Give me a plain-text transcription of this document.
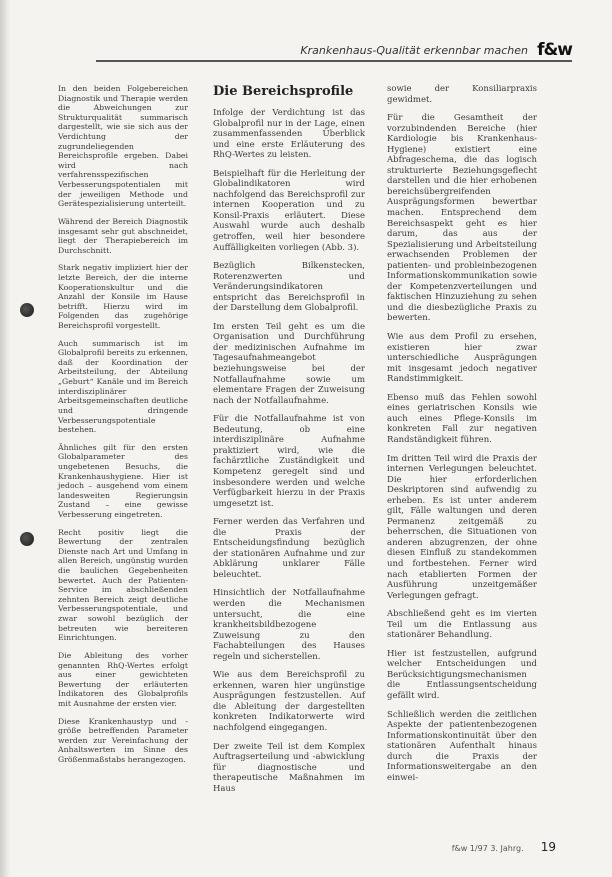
Krankenhaus-Qualität erkennbar machen f&w

In den beiden Folgebereichen Diagnostik und Therapie werden die Abweichungen zur Strukturqualität summarisch dargestellt, wie sie sich aus der Verdichtung der zugrundeliegenden Bereichsprofile ergeben. Dabei wird nach verfahrensspezifischen Verbesserungspotentialen mit der jeweiligen Methode und Gerätespezialisierung unterteilt.

Während der Bereich Diagnostik insgesamt sehr gut abschneidet, liegt der Therapiebereich im Durchschnitt.

Stark negativ impliziert hier der letzte Bereich, der die interne Kooperationskultur und die Anzahl der Konsile im Hause betrifft. Hierzu wird im Folgenden das zugehörige Bereichsprofil vorgestellt.

Auch summarisch ist im Globalprofil bereits zu erkennen, daß der Koordination der Arbeitsteilung, der Abteilung „Geburt“ Kanäle und im Bereich interdisziplinärer Arbeitsgemeinschaften deutliche und dringende Verbesserungspotentiale bestehen.

Ähnliches gilt für den ersten Globalparameter des ungebetenen Besuchs, die Krankenhaushygiene. Hier ist jedoch – ausgehend vom einem landesweiten Regierungsin Zustand – eine gewisse Verbesserung eingetreten.

Recht positiv liegt die Bewertung der zentralen Dienste nach Art und Umfang in allen Bereich, ungünstig wurden die baulichen Gegebenheiten bewertet. Auch der Patienten-Service im abschließenden zehnten Bereich zeigt deutliche Verbesserungspotentiale, und zwar sowohl bezüglich der betreuten wie bereiteren Einrichtungen.

Die Ableitung des vorher genannten RhQ-Wertes erfolgt aus einer gewichteten Bewertung der erläuterten Indikatoren des Globalprofils mit Ausnahme der ersten vier.

Diese Krankenhaustyp und -größe betreffenden Parameter werden zur Vereinfachung der Anhaltswerten im Sinne des Größenmaßstabs herangezogen.

Die Bereichsprofile

Infolge der Verdichtung ist das Globalprofil nur in der Lage, einen zusammenfassenden Überblick und eine erste Erläuterung des RhQ-Wertes zu leisten.

Beispielhaft für die Herleitung der Globalindikatoren wird nachfolgend das Bereichsprofil zur internen Kooperation und zu Konsil-Praxis erläutert. Diese Auswahl wurde auch deshalb getroffen, weil hier besondere Auffälligkeiten vorliegen (Abb. 3).

Bezüglich Bilkenstecken, Roterenzwerten und Veränderungsindikatoren entspricht das Bereichsprofil in der Darstellung dem Globalprofil.

Im ersten Teil geht es um die Organisation und Durchführung der medizinischen Aufnahme im Tagesaufnahmeangebot beziehungsweise bei der Notfallaufnahme sowie um elementare Fragen der Zuweisung nach der Notfallaufnahme.

Für die Notfallaufnahme ist von Bedeutung, ob eine interdisziplinäre Aufnahme praktiziert wird, wie die fachärztliche Zuständigkeit und Kompetenz geregelt sind und insbesondere werden und welche Verfügbarkeit hierzu in der Praxis umgesetzt ist.

Ferner werden das Verfahren und die Praxis der Entscheidungsfindung bezüglich der stationären Aufnahme und zur Abklärung unklarer Fälle beleuchtet.

Hinsichtlich der Notfallaufnahme werden die Mechanismen untersucht, die eine krankheitsbildbezogene Zuweisung zu den Fachabteilungen des Hauses regeln und sicherstellen.

Wie aus dem Bereichsprofil zu erkennen, waren hier ungünstige Ausprägungen festzustellen. Auf die Ableitung der dargestellten konkreten Indikatorwerte wird nachfolgend eingegangen.

Der zweite Teil ist dem Komplex Auftragserteilung und -abwicklung für diagnostische und therapeutische Maßnahmen im Haus

sowie der Konsiliarpraxis gewidmet.

Für die Gesamtheit der vorzubindenden Bereiche (hier Kardiologie bis Krankenhaus-Hygiene) existiert eine Abfrageschema, die das logisch strukturierte Beziehungsgeflecht darstellen und die hier erhobenen bereichsübergreifenden Ausprägungsformen bewertbar machen. Entsprechend dem Bereichsaspekt geht es hier darum, das aus der Spezialisierung und Arbeitsteilung erwachsenden Problemen der patienten- und probleinbezogenen Informationskommunikation sowie der Kompetenzverteilungen und faktischen Hinzuziehung zu sehen und die diesbezügliche Praxis zu bewerten.

Wie aus dem Profil zu ersehen, existieren hier zwar unterschiedliche Ausprägungen mit insgesamt jedoch negativer Randstimmigkeit.

Ebenso muß das Fehlen sowohl eines geriatrischen Konsils wie auch eines Pflege-Konsils im konkreten Fall zur negativen Randständigkeit führen.

Im dritten Teil wird die Praxis der internen Verlegungen beleuchtet. Die hier erforderlichen Deskriptoren sind aufwendig zu erheben. Es ist unter anderem gilt, Fälle waltungen und deren Permanenz zeitgemäß zu beherrschen, die Situationen von anderen abzugrenzen, der ohne diesen Einfluß zu standekommen und fortbestehen. Ferner wird nach etablierten Formen der Ausführung unzeitgemäßer Verlegungen gefragt.

Abschließend geht es im vierten Teil um die Entlassung aus stationärer Behandlung.

Hier ist festzustellen, aufgrund welcher Entscheidungen und Berücksichtigungsmechanismen die Entlassungsentscheidung gefällt wird.

Schließlich werden die zeitlichen Aspekte der patientenbezogenen Informationskontinuität über den stationären Aufenthalt hinaus durch die Praxis der Informationsweitergabe an den einwei-

f&w 1/97 3. Jahrg. 19
